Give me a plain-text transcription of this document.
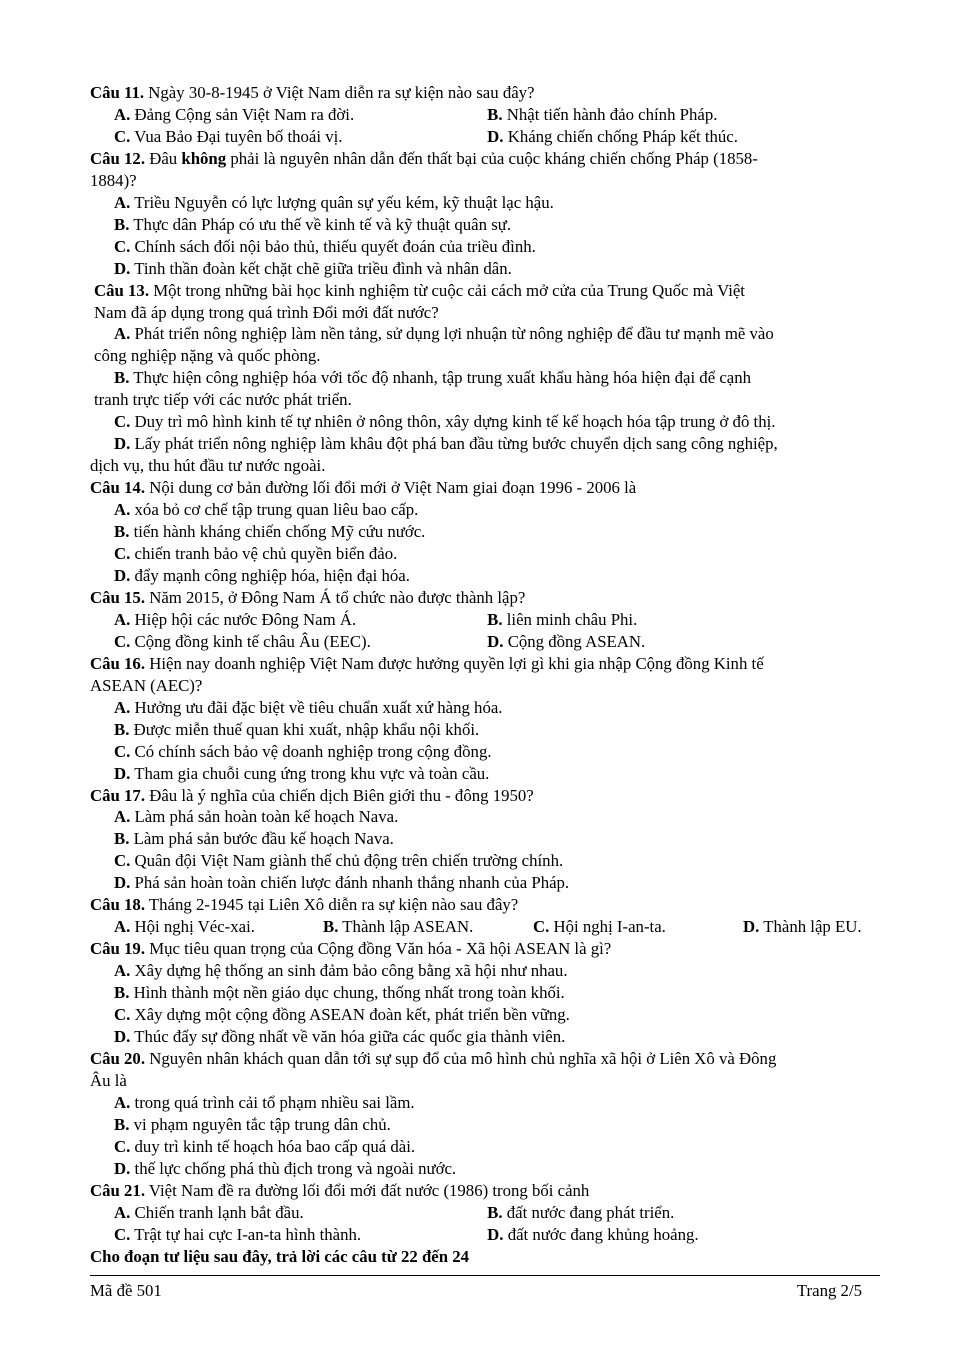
Câu 11. Ngày 30-8-1945 ở Việt Nam diễn ra sự kiện nào sau đây?
A. Đảng Cộng sản Việt Nam ra đời.	B. Nhật tiến hành đảo chính Pháp.
C. Vua Bảo Đại tuyên bố thoái vị.	D. Kháng chiến chống Pháp kết thúc.
Câu 12. Đâu không phải là nguyên nhân dẫn đến thất bại của cuộc kháng chiến chống Pháp (1858-
1884)?
A. Triều Nguyễn có lực lượng quân sự yếu kém, kỹ thuật lạc hậu.
B. Thực dân Pháp có ưu thế về kinh tế và kỹ thuật quân sự.
C. Chính sách đối nội bảo thủ, thiếu quyết đoán của triều đình.
D. Tinh thần đoàn kết chặt chẽ giữa triều đình và nhân dân.
Câu 13. Một trong những bài học kinh nghiệm từ cuộc cải cách mở cửa của Trung Quốc mà Việt
Nam đã áp dụng trong quá trình Đổi mới đất nước?
A. Phát triển nông nghiệp làm nền tảng, sử dụng lợi nhuận từ nông nghiệp để đầu tư mạnh mẽ vào
công nghiệp nặng và quốc phòng.
B. Thực hiện công nghiệp hóa với tốc độ nhanh, tập trung xuất khẩu hàng hóa hiện đại để cạnh
tranh trực tiếp với các nước phát triển.
C. Duy trì mô hình kinh tế tự nhiên ở nông thôn, xây dựng kinh tế kế hoạch hóa tập trung ở đô thị.
D. Lấy phát triển nông nghiệp làm khâu đột phá ban đầu từng bước chuyển dịch sang công nghiệp,
dịch vụ, thu hút đầu tư nước ngoài.
Câu 14. Nội dung cơ bản đường lối đổi mới ở Việt Nam giai đoạn 1996 - 2006 là
A. xóa bỏ cơ chế tập trung quan liêu bao cấp.
B. tiến hành kháng chiến chống Mỹ cứu nước.
C. chiến tranh bảo vệ chủ quyền biển đảo.
D. đẩy mạnh công nghiệp hóa, hiện đại hóa.
Câu 15. Năm 2015, ở Đông Nam Á tổ chức nào được thành lập?
A. Hiệp hội các nước Đông Nam Á.	B. liên minh châu Phi.
C. Cộng đồng kinh tế châu Âu (EEC).	D. Cộng đồng ASEAN.
Câu 16. Hiện nay doanh nghiệp Việt Nam được hưởng quyền lợi gì khi gia nhập Cộng đồng Kinh tế
ASEAN (AEC)?
A. Hưởng ưu đãi đặc biệt về tiêu chuẩn xuất xứ hàng hóa.
B. Được miễn thuế quan khi xuất, nhập khẩu nội khối.
C. Có chính sách bảo vệ doanh nghiệp trong cộng đồng.
D. Tham gia chuỗi cung ứng trong khu vực và toàn cầu.
Câu 17. Đâu là ý nghĩa của chiến dịch Biên giới thu - đông 1950?
A. Làm phá sản hoàn toàn kế hoạch Nava.
B. Làm phá sản bước đầu kế hoạch Nava.
C. Quân đội Việt Nam giành thế chủ động trên chiến trường chính.
D. Phá sản hoàn toàn chiến lược đánh nhanh thắng nhanh của Pháp.
Câu 18. Tháng 2-1945 tại Liên Xô diễn ra sự kiện nào sau đây?
A. Hội nghị Véc-xai.	B. Thành lập ASEAN.	C. Hội nghị I-an-ta.	D. Thành lập EU.
Câu 19. Mục tiêu quan trọng của Cộng đồng Văn hóa - Xã hội ASEAN là gì?
A. Xây dựng hệ thống an sinh đảm bảo công bằng xã hội như nhau.
B. Hình thành một nền giáo dục chung, thống nhất trong toàn khối.
C. Xây dựng một cộng đồng ASEAN đoàn kết, phát triển bền vững.
D. Thúc đẩy sự đồng nhất về văn hóa giữa các quốc gia thành viên.
Câu 20. Nguyên nhân khách quan dẫn tới sự sụp đổ của mô hình chủ nghĩa xã hội ở Liên Xô và Đông
Âu là
A. trong quá trình cải tổ phạm nhiều sai lầm.
B. vi phạm nguyên tắc tập trung dân chủ.
C. duy trì kinh tế hoạch hóa bao cấp quá dài.
D. thế lực chống phá thù địch trong và ngoài nước.
Câu 21. Việt Nam đề ra đường lối đổi mới đất nước (1986) trong bối cảnh
A. Chiến tranh lạnh bắt đầu.	B. đất nước đang phát triển.
C. Trật tự hai cực I-an-ta hình thành.	D. đất nước đang khủng hoảng.
Cho đoạn tư liệu sau đây, trả lời các câu từ 22 đến 24
Mã đề 501	Trang 2/5
